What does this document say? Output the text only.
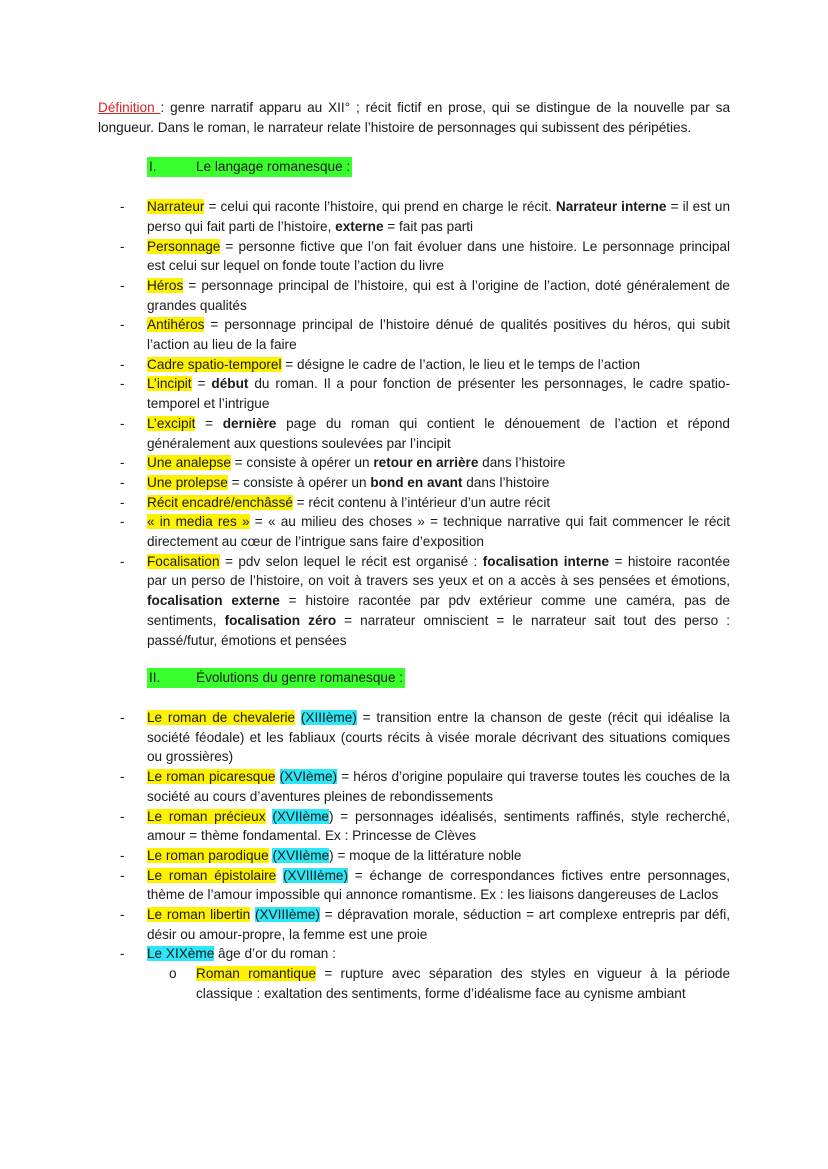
Définition : genre narratif apparu au XII° ; récit fictif en prose, qui se distingue de la nouvelle par sa longueur. Dans le roman, le narrateur relate l’histoire de personnages qui subissent des péripéties.

I.	Le langage romanesque :
- Narrateur = celui qui raconte l’histoire, qui prend en charge le récit. Narrateur interne = il est un perso qui fait parti de l’histoire, externe = fait pas parti
- Personnage = personne fictive que l’on fait évoluer dans une histoire. Le personnage principal est celui sur lequel on fonde toute l’action du livre
- Héros = personnage principal de l’histoire, qui est à l’origine de l’action, doté généralement de grandes qualités
- Antihéros = personnage principal de l’histoire dénué de qualités positives du héros, qui subit l’action au lieu de la faire
- Cadre spatio-temporel = désigne le cadre de l’action, le lieu et le temps de l’action
- L’incipit = début du roman. Il a pour fonction de présenter les personnages, le cadre spatio-temporel et l’intrigue
- L’excipit = dernière page du roman qui contient le dénouement de l’action et répond généralement aux questions soulevées par l’incipit
- Une analepse = consiste à opérer un retour en arrière dans l’histoire
- Une prolepse = consiste à opérer un bond en avant dans l’histoire
- Récit encadré/enchâssé = récit contenu à l’intérieur d’un autre récit
- « in media res » = « au milieu des choses » = technique narrative qui fait commencer le récit directement au cœur de l’intrigue sans faire d’exposition
- Focalisation = pdv selon lequel le récit est organisé : focalisation interne = histoire racontée par un perso de l’histoire, on voit à travers ses yeux et on a accès à ses pensées et émotions, focalisation externe = histoire racontée par pdv extérieur comme une caméra, pas de sentiments, focalisation zéro = narrateur omniscient = le narrateur sait tout des perso : passé/futur, émotions et pensées
II.	Évolutions du genre romanesque :
- Le roman de chevalerie (XIIIème) = transition entre la chanson de geste (récit qui idéalise la société féodale) et les fabliaux (courts récits à visée morale décrivant des situations comiques ou grossières)
- Le roman picaresque (XVIème) = héros d’origine populaire qui traverse toutes les couches de la société au cours d’aventures pleines de rebondissements
- Le roman précieux (XVIIème) = personnages idéalisés, sentiments raffinés, style recherché, amour = thème fondamental. Ex : Princesse de Clèves
- Le roman parodique (XVIIème) = moque de la littérature noble
- Le roman épistolaire (XVIIIème) = échange de correspondances fictives entre personnages, thème de l’amour impossible qui annonce romantisme. Ex : les liaisons dangereuses de Laclos
- Le roman libertin (XVIIIème) = dépravation morale, séduction = art complexe entrepris par défi, désir ou amour-propre, la femme est une proie
- Le XIXème âge d’or du roman :
o Roman romantique = rupture avec séparation des styles en vigueur à la période classique : exaltation des sentiments, forme d’idéalisme face au cynisme ambiant
